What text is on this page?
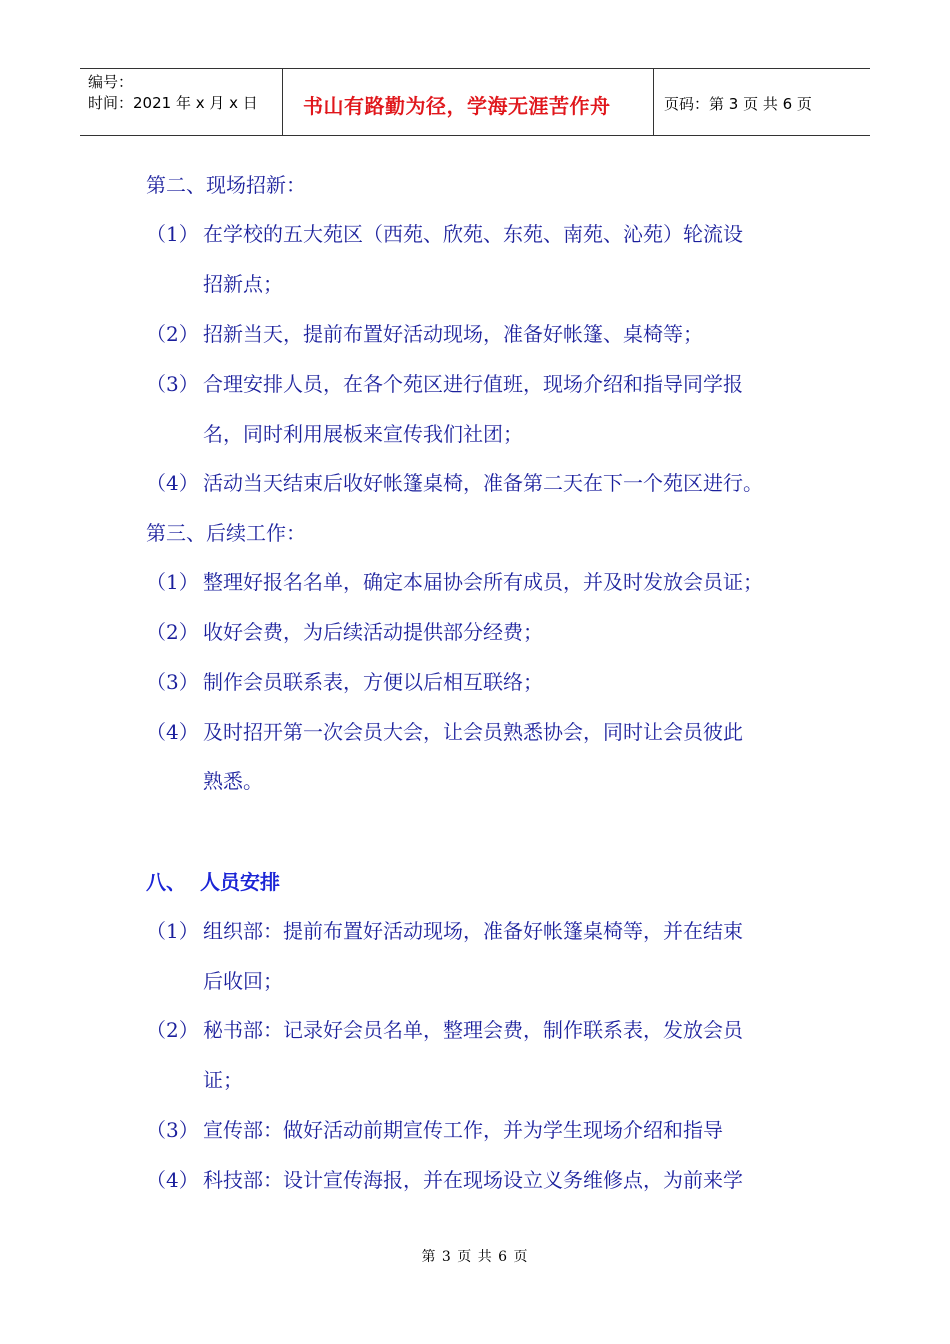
编号：
时间：2021 年 x 月 x 日	书山有路勤为径，学海无涯苦作舟	页码：第 3 页 共 6 页
第二、现场招新：
（1） 在学校的五大苑区（西苑、欣苑、东苑、南苑、沁苑）轮流设
招新点；
（2） 招新当天，提前布置好活动现场，准备好帐篷、桌椅等；
（3） 合理安排人员，在各个苑区进行值班，现场介绍和指导同学报
名，同时利用展板来宣传我们社团；
（4） 活动当天结束后收好帐篷桌椅，准备第二天在下一个苑区进行。
第三、后续工作：
（1） 整理好报名名单，确定本届协会所有成员，并及时发放会员证；
（2） 收好会费，为后续活动提供部分经费；
（3） 制作会员联系表，方便以后相互联络；
（4） 及时招开第一次会员大会，让会员熟悉协会，同时让会员彼此
熟悉。
八、 人员安排
（1） 组织部：提前布置好活动现场，准备好帐篷桌椅等，并在结束
后收回；
（2） 秘书部：记录好会员名单，整理会费，制作联系表，发放会员
证；
（3） 宣传部：做好活动前期宣传工作，并为学生现场介绍和指导
（4） 科技部：设计宣传海报，并在现场设立义务维修点，为前来学
第 3 页 共 6 页
